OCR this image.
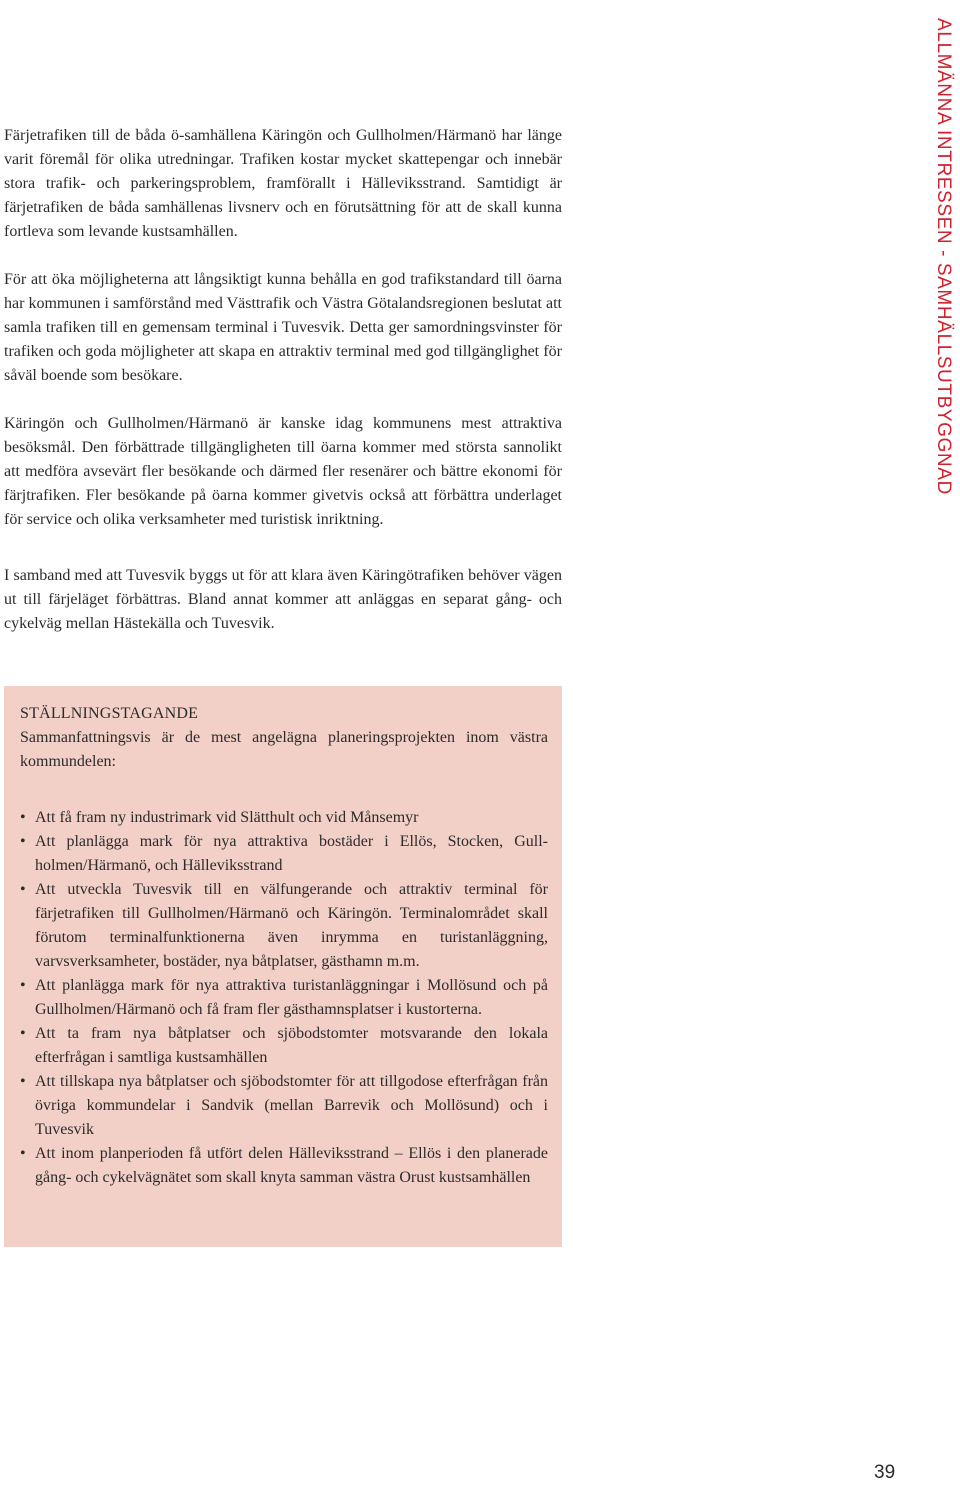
ALLMÄNNA INTRESSEN - SAMHÄLLSUTBYGGNAD

Färjetrafiken till de båda ö-samhällena Käringön och Gullholmen/Härmanö har länge varit föremål för olika utredningar. Trafiken kostar mycket skattepengar och innebär stora trafik- och parkeringsproblem, framförallt i Hälleviksstrand. Samtidigt är färjetrafiken de båda samhällenas livsnerv och en förutsättning för att de skall kunna fortleva som levande kustsamhällen.

För att öka möjligheterna att långsiktigt kunna behålla en god trafikstandard till öarna har kommunen i samförstånd med Västtrafik och Västra Götalandsregionen beslutat att samla trafiken till en gemensam terminal i Tuvesvik. Detta ger samordningsvinster för trafiken och goda möjligheter att skapa en attraktiv terminal med god tillgänglighet för såväl boende som besökare.

Käringön och Gullholmen/Härmanö är kanske idag kommunens mest attraktiva besöksmål. Den förbättrade tillgängligheten till öarna kommer med största sannolikt att medföra avsevärt fler besökande och därmed fler resenärer och bättre ekonomi för färjtrafiken. Fler besökande på öarna kommer givetvis också att förbättra underlaget för service och olika verksamheter med turistisk inriktning.

I samband med att Tuvesvik byggs ut för att klara även Käringötrafiken behöver vägen ut till färjeläget förbättras. Bland annat kommer att anläggas en separat gång- och cykelväg mellan Hästekälla och Tuvesvik.

STÄLLNINGSTAGANDE

Sammanfattningsvis är de mest angelägna planeringsprojekten inom västra kommundelen:

• Att få fram ny industrimark vid Slätthult och vid Månsemyr
• Att planlägga mark för nya attraktiva bostäder i Ellös, Stocken, Gullholmen/Härmanö, och Hälleviksstrand
• Att utveckla Tuvesvik till en välfungerande och attraktiv terminal för färjetrafiken till Gullholmen/Härmanö och Käringön. Terminalområdet skall förutom terminalfunktionerna även inrymma en turistanläggning, varvsverksamheter, bostäder, nya båtplatser, gästhamn m.m.
• Att planlägga mark för nya attraktiva turistanläggningar i Mollösund och på Gullholmen/Härmanö och få fram fler gästhamnsplatser i kustorterna.
• Att ta fram nya båtplatser och sjöbodstomter motsvarande den lokala efterfrågan i samtliga kustsamhällen
• Att tillskapa nya båtplatser och sjöbodstomter för att tillgodose efterfrågan från övriga kommundelar i Sandvik (mellan Barrevik och Mollösund) och i Tuvesvik
• Att inom planperioden få utfört delen Hälleviksstrand – Ellös i den planerade gång- och cykelvägnätet som skall knyta samman västra Orust kustsamhällen
39
